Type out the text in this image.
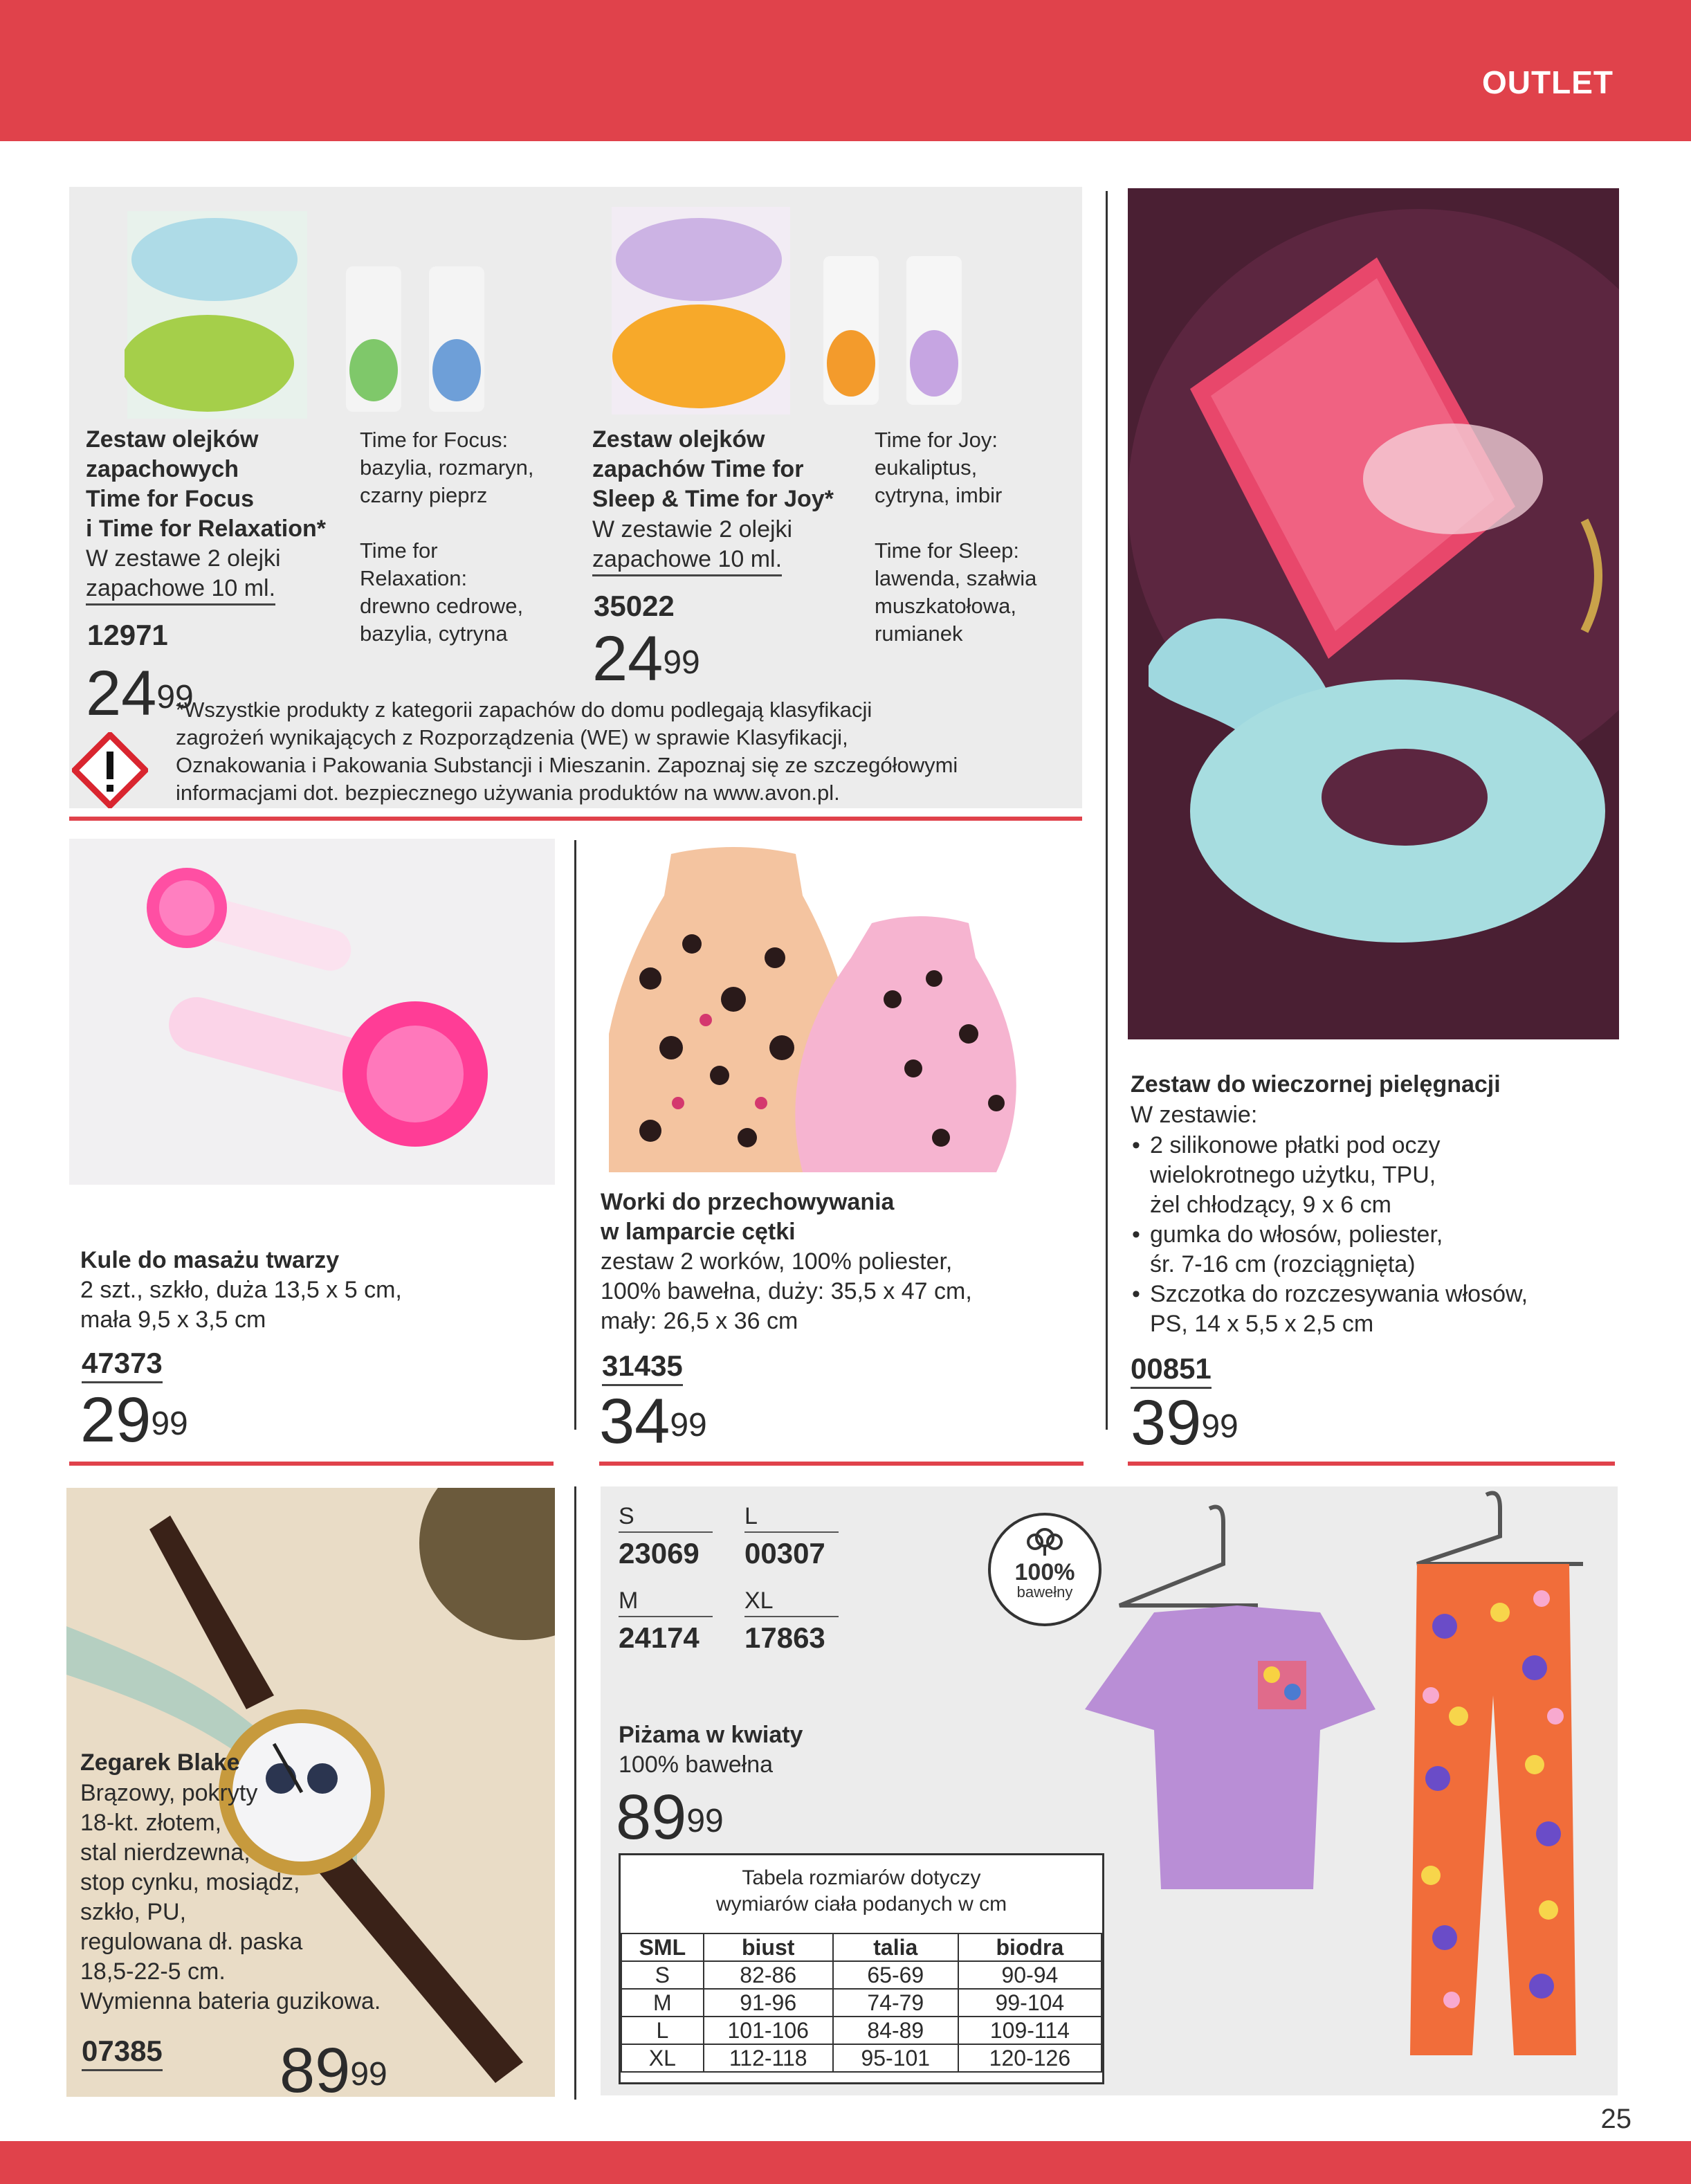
OUTLET
25
Zestaw olejków
zapachowych
Time for Focus
i Time for Relaxation*
W zestawe 2 olejki
zapachowe 10 ml.
12971
$24^{99}$
Time for Focus:
bazylia, rozmaryn,
czarny pieprz
Time for
Relaxation:
drewno cedrowe,
bazylia, cytryna
Zestaw olejków
zapachów Time for
Sleep & Time for Joy*
W zestawie 2 olejki
zapachowe 10 ml.
35022
$24^{99}$
Time for Joy:
eukaliptus,
cytryna, imbir
Time for Sleep:
lawenda, szałwia
muszkatołowa,
rumianek
*Wszystkie produkty z kategorii zapachów do domu podlegają klasyfikacji
zagrożeń wynikających z Rozporządzenia (WE) w sprawie Klasyfikacji,
Oznakowania i Pakowania Substancji i Mieszanin. Zapoznaj się ze szczegółowymi
informacjami dot. bezpiecznego używania produktów na www.avon.pl.
Zestaw do wieczornej pielęgnacji
W zestawie:
• 2 silikonowe płatki pod oczy
wielokrotnego użytku, TPU,
żel chłodzący, 9 x 6 cm
• gumka do włosów, poliester,
śr. 7-16 cm (rozciągnięta)
• Szczotka do rozczesywania włosów,
PS, 14 x 5,5 x 2,5 cm
00851
$39^{99}$
Kule do masażu twarzy
2 szt., szkło, duża 13,5 x 5 cm,
mała 9,5 x 3,5 cm
47373
$29^{99}$
Worki do przechowywania
w lamparcie cętki
zestaw 2 worków, 100% poliester,
100% bawełna, duży: 35,5 x 47 cm,
mały: 26,5 x 36 cm
31435
$34^{99}$
Zegarek Blake
Brązowy, pokryty
18-kt. złotem,
stal nierdzewna,
stop cynku, mosiądz,
szkło, PU,
regulowana dł. paska
18,5-22-5 cm.
Wymienna bateria guzikowa.
07385 $89^{99}$
S
23069
L
00307
M
24174
XL
17863
100%
bawełny
Piżama w kwiaty
100% bawełna
$89^{99}$
Tabela rozmiarów dotyczy
wymiarów ciała podanych w cm
SML	biust	talia	biodra
S	82-86	65-69	90-94
M	91-96	74-79	99-104
L	101-106	84-89	109-114
XL	112-118	95-101	120-126
